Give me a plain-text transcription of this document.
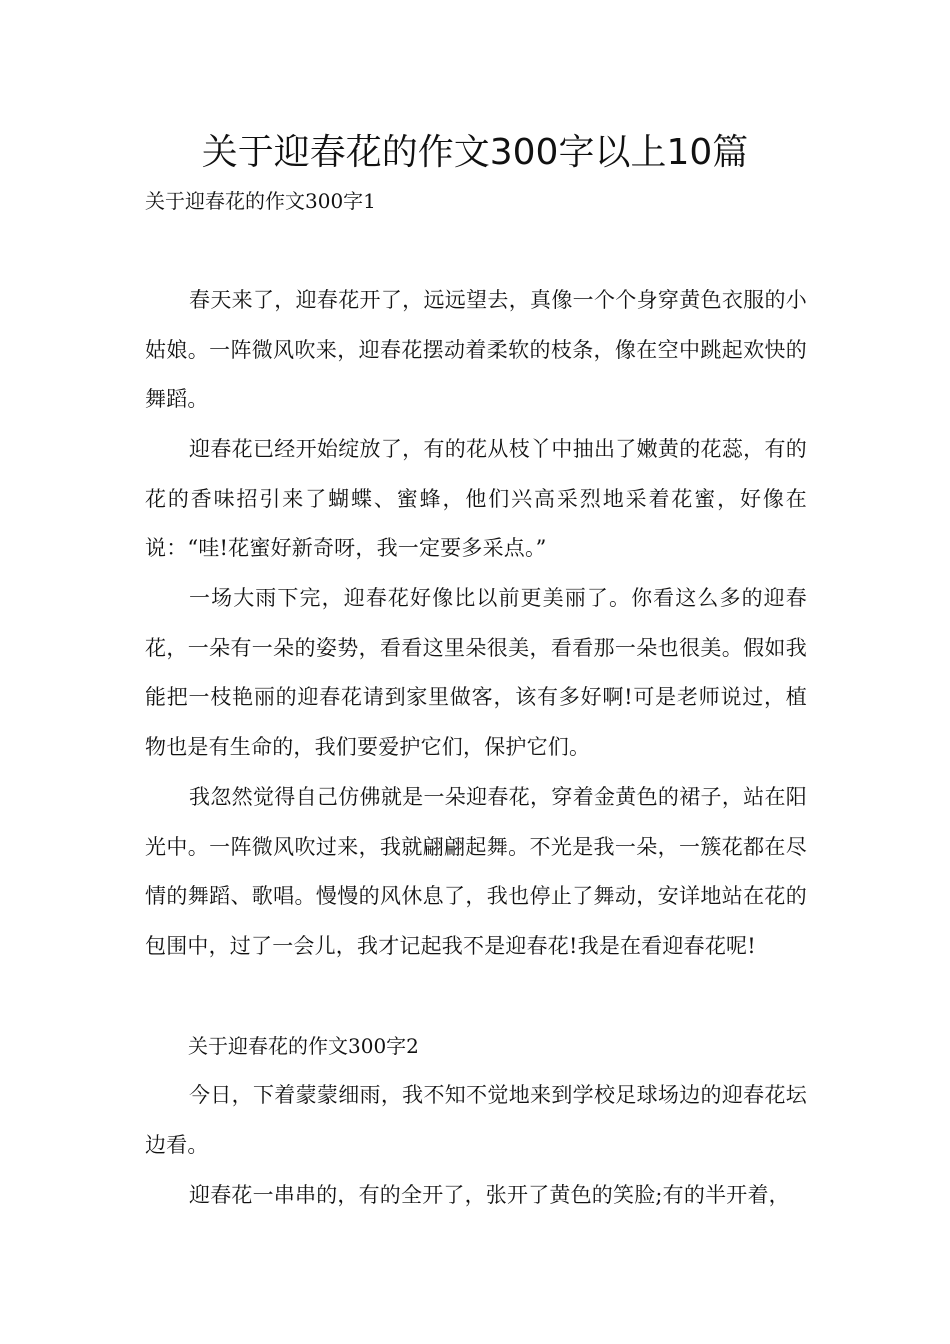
关于迎春花的作文300字以上10篇

关于迎春花的作文300字1

春天来了，迎春花开了，远远望去，真像一个个身穿黄色衣服的小姑娘。一阵微风吹来，迎春花摆动着柔软的枝条，像在空中跳起欢快的舞蹈。

迎春花已经开始绽放了，有的花从枝丫中抽出了嫩黄的花蕊，有的花的香味招引来了蝴蝶、蜜蜂，他们兴高采烈地采着花蜜，好像在说：“哇!花蜜好新奇呀，我一定要多采点。”

一场大雨下完，迎春花好像比以前更美丽了。你看这么多的迎春花，一朵有一朵的姿势，看看这里朵很美，看看那一朵也很美。假如我能把一枝艳丽的迎春花请到家里做客，该有多好啊!可是老师说过，植物也是有生命的，我们要爱护它们，保护它们。

我忽然觉得自己仿佛就是一朵迎春花，穿着金黄色的裙子，站在阳光中。一阵微风吹过来，我就翩翩起舞。不光是我一朵，一簇花都在尽情的舞蹈、歌唱。慢慢的风休息了，我也停止了舞动，安详地站在花的包围中，过了一会儿，我才记起我不是迎春花!我是在看迎春花呢!

关于迎春花的作文300字2

今日，下着蒙蒙细雨，我不知不觉地来到学校足球场边的迎春花坛边看。

迎春花一串串的，有的全开了，张开了黄色的笑脸;有的半开着，
